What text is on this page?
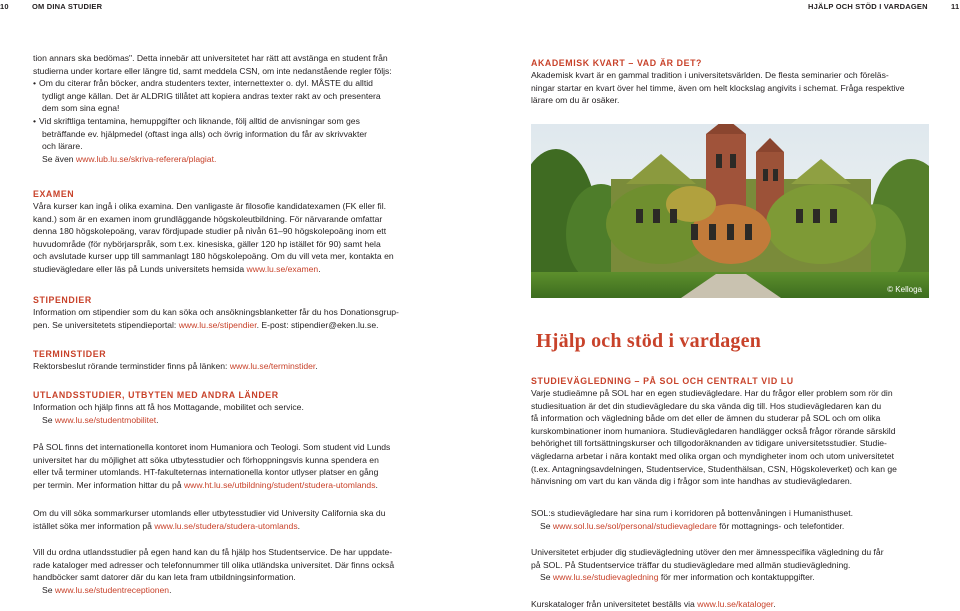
10	OM DINA STUDIER	HJÄLP OCH STÖD I VARDAGEN	11

tion annars ska bedömas". Detta innebär att universitetet har rätt att avstänga en student från

studierna under kortare eller längre tid, samt meddela CSN, om inte nedanstående regler följs:

• Om du citerar från böcker, andra studenters texter, internettexter o. dyl. MÅSTE du alltid

tydligt ange källan. Det är ALDRIG tillåtet att kopiera andras texter rakt av och presentera

dem som sina egna!

• Vid skriftliga tentamina, hemuppgifter och liknande, följ alltid de anvisningar som ges

beträffande ev. hjälpmedel (oftast inga alls) och övrig information du får av skrivvakter

och lärare.

Se även www.lub.lu.se/skriva-referera/plagiat.

EXAMEN

Våra kurser kan ingå i olika examina. Den vanligaste är filosofie kandidatexamen (FK eller fil.

kand.) som är en examen inom grundläggande högskoleutbildning. För närvarande omfattar

denna 180 högskolepoäng, varav fördjupade studier på nivån 61–90 högskolepoäng inom ett

huvudområde (för nybörjarspråk, som t.ex. kinesiska, gäller 120 hp istället för 90) samt hela

och avslutade kurser upp till sammanlagt 180 högskolepoäng. Om du vill veta mer, kontakta en

studievägledare eller läs på Lunds universitets hemsida www.lu.se/examen.

STIPENDIER

Information om stipendier som du kan söka och ansökningsblanketter får du hos Donationsgrup-

pen. Se universitetets stipendieportal: www.lu.se/stipendier. E-post: stipendier@eken.lu.se.

TERMINSTIDER

Rektorsbeslut rörande terminstider finns på länken: www.lu.se/terminstider.

UTLANDSSTUDIER, UTBYTEN MED ANDRA LÄNDER

Information och hjälp finns att få hos Mottagande, mobilitet och service.

Se www.lu.se/studentmobilitet.

På SOL finns det internationella kontoret inom Humaniora och Teologi. Som student vid Lunds

universitet har du möjlighet att söka utbytesstudier och förhoppningsvis kunna spendera en

eller två terminer utomlands. HT-fakulteternas internationella kontor utlyser platser en gång

per termin. Mer information hittar du på www.ht.lu.se/utbildning/student/studera-utomlands.

Om du vill söka sommarkurser utomlands eller utbytesstudier vid University California ska du

istället söka mer information på www.lu.se/studera/studera-utomlands.

Vill du ordna utlandsstudier på egen hand kan du få hjälp hos Studentservice. De har uppdate-

rade kataloger med adresser och telefonnummer till olika utländska universitet. Där finns också

handböcker samt datorer där du kan leta fram utbildningsinformation.

Se www.lu.se/studentreceptionen.

AKADEMISK KVART – VAD ÄR DET?

Akademisk kvart är en gammal tradition i universitetsvärlden. De flesta seminarier och föreläs-

ningar startar en kvart över hel timme, även om helt klockslag angivits i schemat. Fråga respektive

lärare om du är osäker.

© Kelloga
Hjälp och stöd i vardagen

STUDIEVÄGLEDNING – PÅ SOL OCH CENTRALT VID LU

Varje studieämne på SOL har en egen studievägledare. Har du frågor eller problem som rör din

studiesituation är det din studievägledare du ska vända dig till. Hos studievägledaren kan du

få information och vägledning både om det eller de ämnen du studerar på SOL och om olika

kurskombinationer inom humaniora. Studievägledaren handlägger också frågor rörande särskild

behörighet till fortsättningskurser och tillgodoräknanden av tidigare universitetsstudier. Studie-

vägledarna arbetar i nära kontakt med olika organ och myndigheter inom och utom universitetet

(t.ex. Antagningsavdelningen, Studentservice, Studenthälsan, CSN, Högskoleverket) och kan ge

hänvisning om vart du kan vända dig i frågor som inte handhas av studievägledaren.

SOL:s studievägledare har sina rum i korridoren på bottenvåningen i Humanisthuset.

Se www.sol.lu.se/sol/personal/studievagledare för mottagnings- och telefontider.

Universitetet erbjuder dig studievägledning utöver den mer ämnesspecifika vägledning du får

på SOL. På Studentservice träffar du studievägledare med allmän studievägledning.

Se www.lu.se/studievagledning för mer information och kontaktuppgifter.

Kurskataloger från universitetet beställs via www.lu.se/kataloger.
